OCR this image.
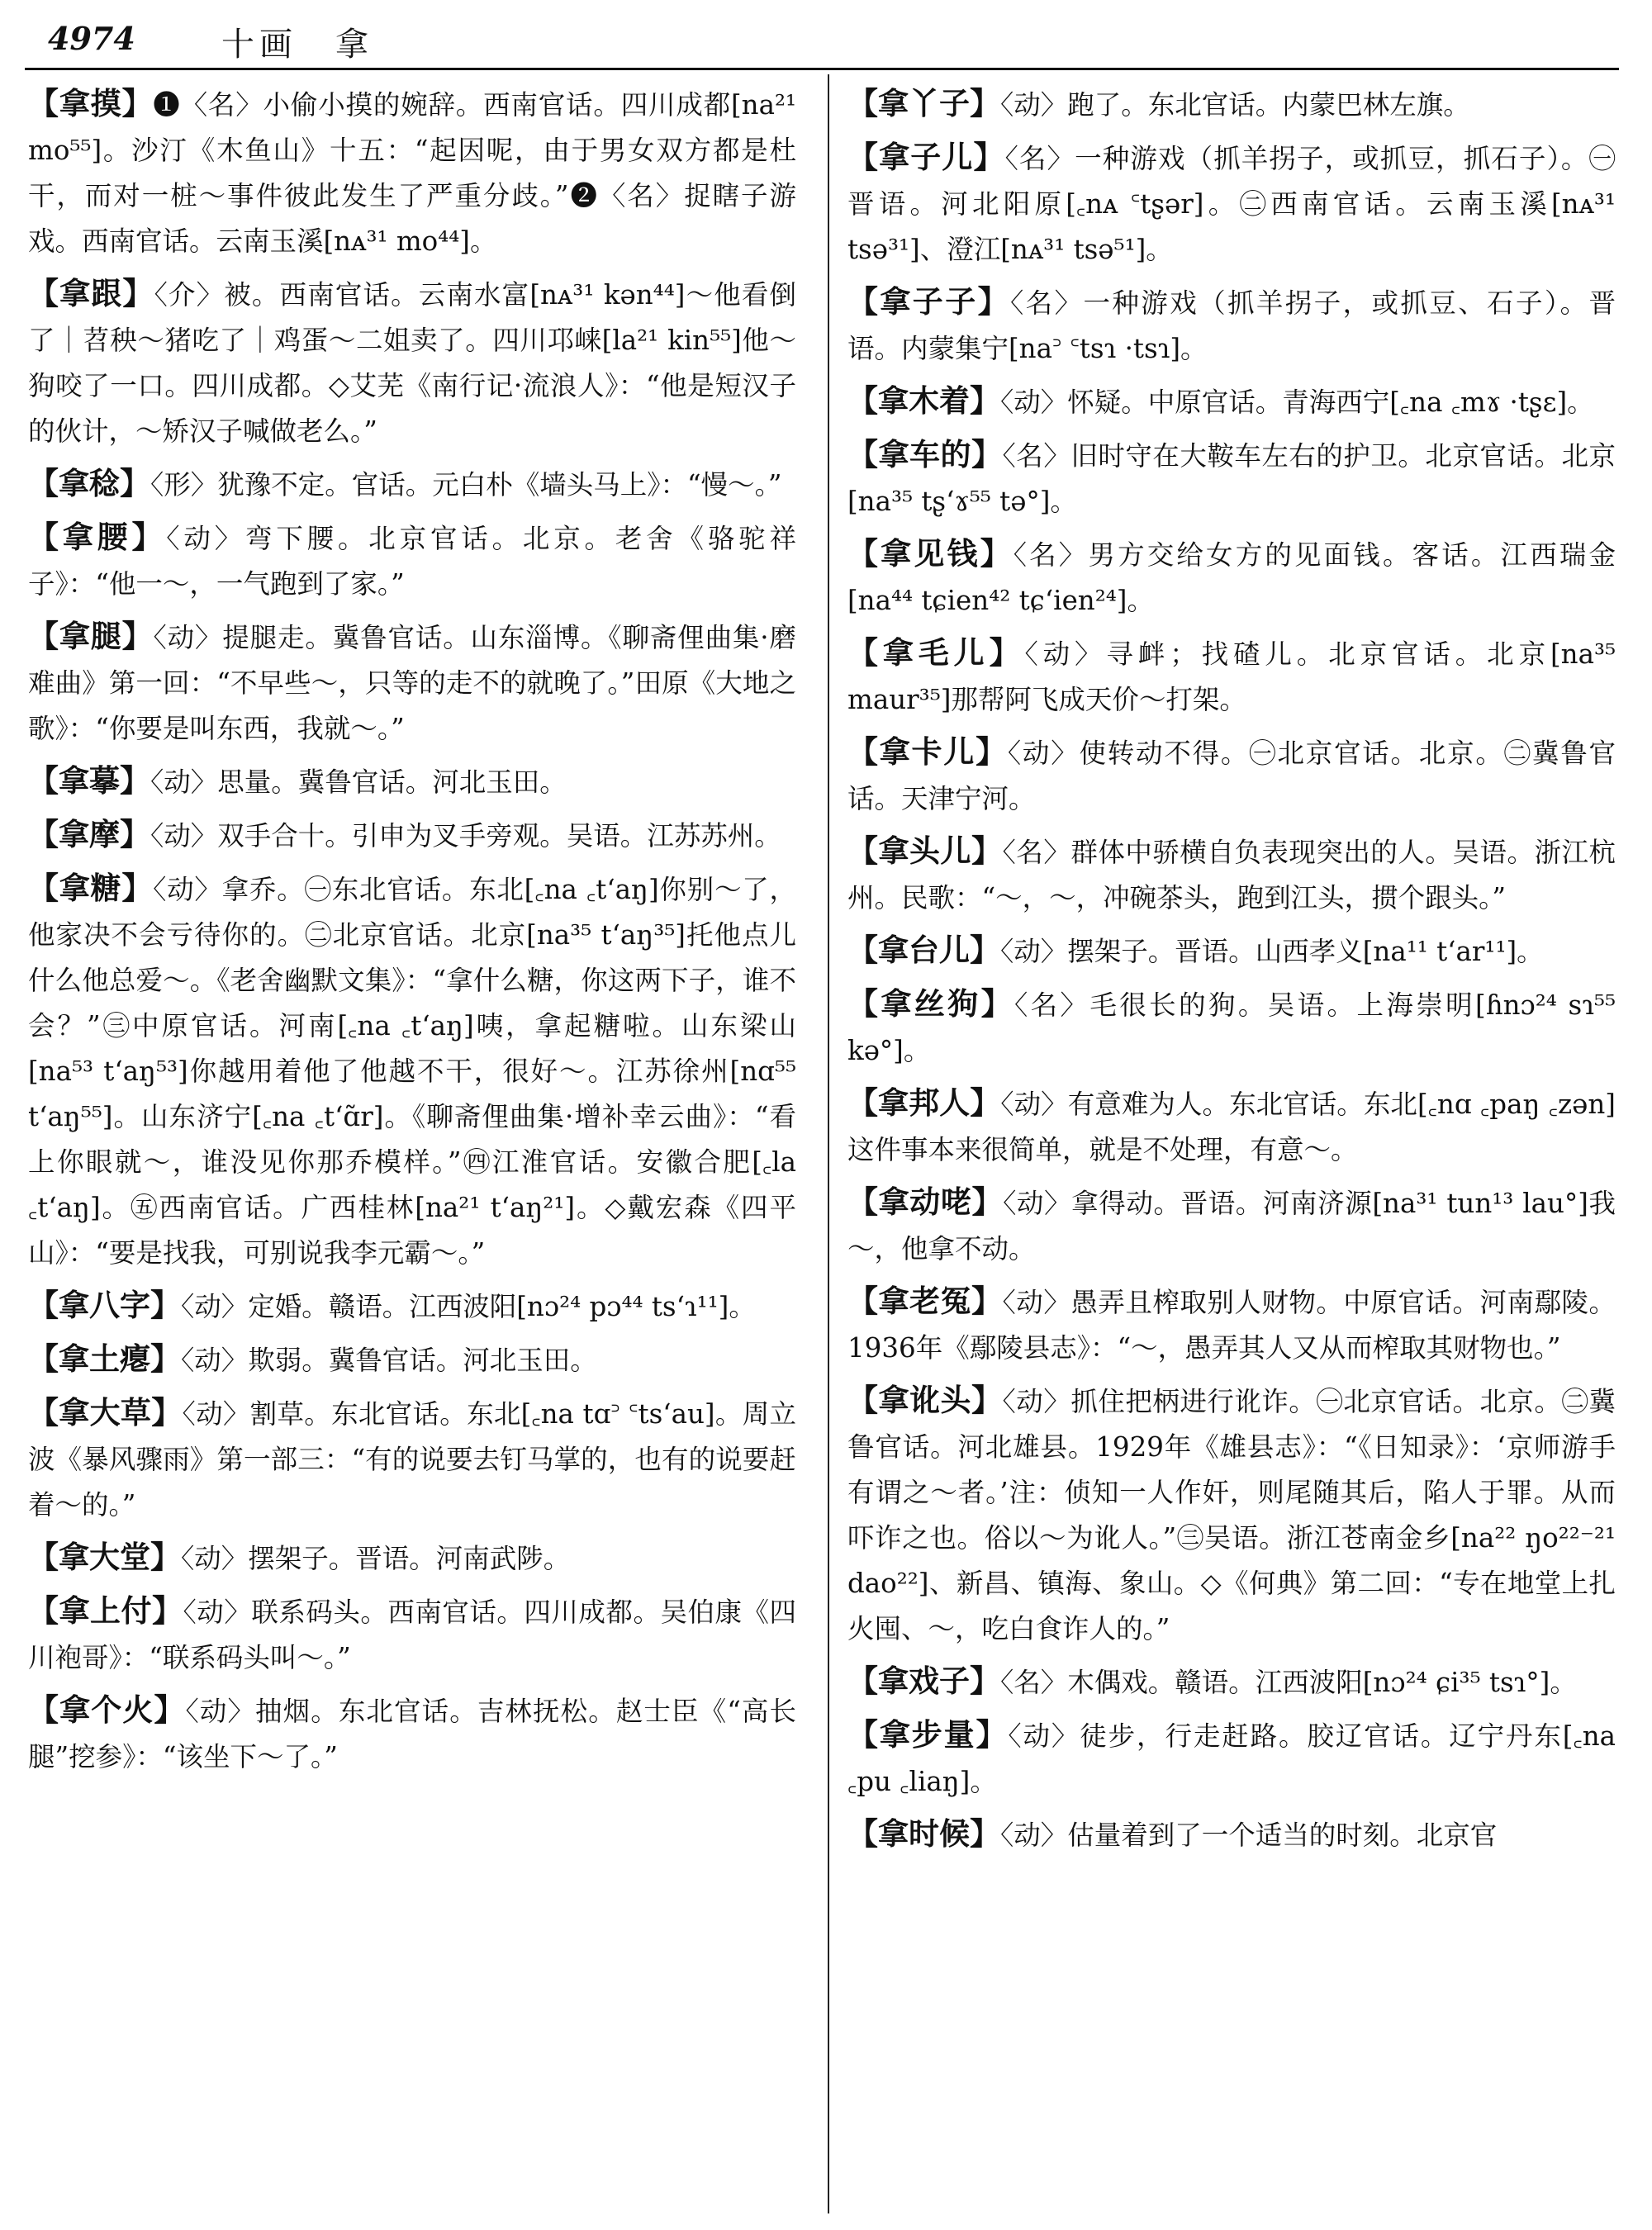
4974	十画　拿
【拿摸】❶〈名〉小偷小摸的婉辞。西南官话。四川成都[na²¹ mo⁵⁵]。沙汀《木鱼山》十五：“起因呢，由于男女双方都是杜干，而对一桩～事件彼此发生了严重分歧。”❷〈名〉捉瞎子游戏。西南官话。云南玉溪[nᴀ³¹ mo⁴⁴]。
【拿跟】〈介〉被。西南官话。云南水富[nᴀ³¹ kən⁴⁴]～他看倒了｜苕秧～猪吃了｜鸡蛋～二姐卖了。四川邛崃[la²¹ kin⁵⁵]他～狗咬了一口。四川成都。◇艾芜《南行记·流浪人》：“他是短汉子的伙计，～矫汉子喊做老么。”
【拿稔】〈形〉犹豫不定。官话。元白朴《墙头马上》：“慢～。”
【拿腰】〈动〉弯下腰。北京官话。北京。老舍《骆驼祥子》：“他一～，一气跑到了家。”
【拿腿】〈动〉提腿走。冀鲁官话。山东淄博。《聊斋俚曲集·磨难曲》第一回：“不早些～，只等的走不的就晚了。”田原《大地之歌》：“你要是叫东西，我就～。”
【拿摹】〈动〉思量。冀鲁官话。河北玉田。
【拿摩】〈动〉双手合十。引申为叉手旁观。吴语。江苏苏州。
【拿糖】〈动〉拿乔。㊀东北官话。东北[꜀na ꜀tʻaŋ]你别～了，他家决不会亏待你的。㊁北京官话。北京[na³⁵ tʻaŋ³⁵]托他点儿什么他总爱～。《老舍幽默文集》：“拿什么糖，你这两下子，谁不会？”㊂中原官话。河南[꜀na ꜀tʻaŋ]咦，拿起糖啦。山东梁山[na⁵³ tʻaŋ⁵³]你越用着他了他越不干，很好～。江苏徐州[nɑ⁵⁵ tʻaŋ⁵⁵]。山东济宁[꜀na ꜀tʻɑ̃r]。《聊斋俚曲集·增补幸云曲》：“看上你眼就～，谁没见你那乔模样。”㊃江淮官话。安徽合肥[꜀la ꜀tʻaŋ]。㊄西南官话。广西桂林[na²¹ tʻaŋ²¹]。◇戴宏森《四平山》：“要是找我，可别说我李元霸～。”
【拿八字】〈动〉定婚。赣语。江西波阳[nɔ²⁴ pɔ⁴⁴ tsʻɿ¹¹]。
【拿土瘪】〈动〉欺弱。冀鲁官话。河北玉田。
【拿大草】〈动〉割草。东北官话。东北[꜀na tɑ꜄ ꜂tsʻau]。周立波《暴风骤雨》第一部三：“有的说要去钉马掌的，也有的说要赶着～的。”
【拿大堂】〈动〉摆架子。晋语。河南武陟。
【拿上付】〈动〉联系码头。西南官话。四川成都。吴伯康《四川袍哥》：“联系码头叫～。”
【拿个火】〈动〉抽烟。东北官话。吉林抚松。赵士臣《“高长腿”挖参》：“该坐下～了。”
【拿丫子】〈动〉跑了。东北官话。内蒙巴林左旗。
【拿子儿】〈名〉一种游戏（抓羊拐子，或抓豆，抓石子）。㊀晋语。河北阳原[꜀nᴀ ꜂tʂər]。㊁西南官话。云南玉溪[nᴀ³¹ tsə³¹]、澄江[nᴀ³¹ tsə⁵¹]。
【拿子子】〈名〉一种游戏（抓羊拐子，或抓豆、石子）。晋语。内蒙集宁[na꜄ ꜂tsɿ ·tsɿ]。
【拿木着】〈动〉怀疑。中原官话。青海西宁[꜀na ꜀mɤ ·tʂɛ]。
【拿车的】〈名〉旧时守在大鞍车左右的护卫。北京官话。北京[na³⁵ tʂʻɤ⁵⁵ tə°]。
【拿见钱】〈名〉男方交给女方的见面钱。客话。江西瑞金[na⁴⁴ tɕien⁴² tɕʻien²⁴]。
【拿毛儿】〈动〉寻衅；找碴儿。北京官话。北京[na³⁵ maur³⁵]那帮阿飞成天价～打架。
【拿卡儿】〈动〉使转动不得。㊀北京官话。北京。㊁冀鲁官话。天津宁河。
【拿头儿】〈名〉群体中骄横自负表现突出的人。吴语。浙江杭州。民歌：“～，～，冲碗茶头，跑到江头，掼个跟头。”
【拿台儿】〈动〉摆架子。晋语。山西孝义[na¹¹ tʻar¹¹]。
【拿丝狗】〈名〉毛很长的狗。吴语。上海崇明[ɦnɔ²⁴ sɿ⁵⁵ kə°]。
【拿邦人】〈动〉有意难为人。东北官话。东北[꜀nɑ ꜀paŋ ꜀zən]这件事本来很简单，就是不处理，有意～。
【拿动咾】〈动〉拿得动。晋语。河南济源[na³¹ tun¹³ lau°]我～，他拿不动。
【拿老冤】〈动〉愚弄且榨取别人财物。中原官话。河南鄢陵。1936年《鄢陵县志》：“～，愚弄其人又从而榨取其财物也。”
【拿讹头】〈动〉抓住把柄进行讹诈。㊀北京官话。北京。㊁冀鲁官话。河北雄县。1929年《雄县志》：“《日知录》：‘京师游手有谓之～者。’注：侦知一人作奸，则尾随其后，陷人于罪。从而吓诈之也。俗以～为讹人。”㊂吴语。浙江苍南金乡[na²² ŋo²²⁻²¹ dao²²]、新昌、镇海、象山。◇《何典》第二回：“专在地堂上扎火囤、～，吃白食诈人的。”
【拿戏子】〈名〉木偶戏。赣语。江西波阳[nɔ²⁴ ɕi³⁵ tsɿ°]。
【拿步量】〈动〉徒步，行走赶路。胶辽官话。辽宁丹东[꜀na ꜀pu ꜀liaŋ]。
【拿时候】〈动〉估量着到了一个适当的时刻。北京官
